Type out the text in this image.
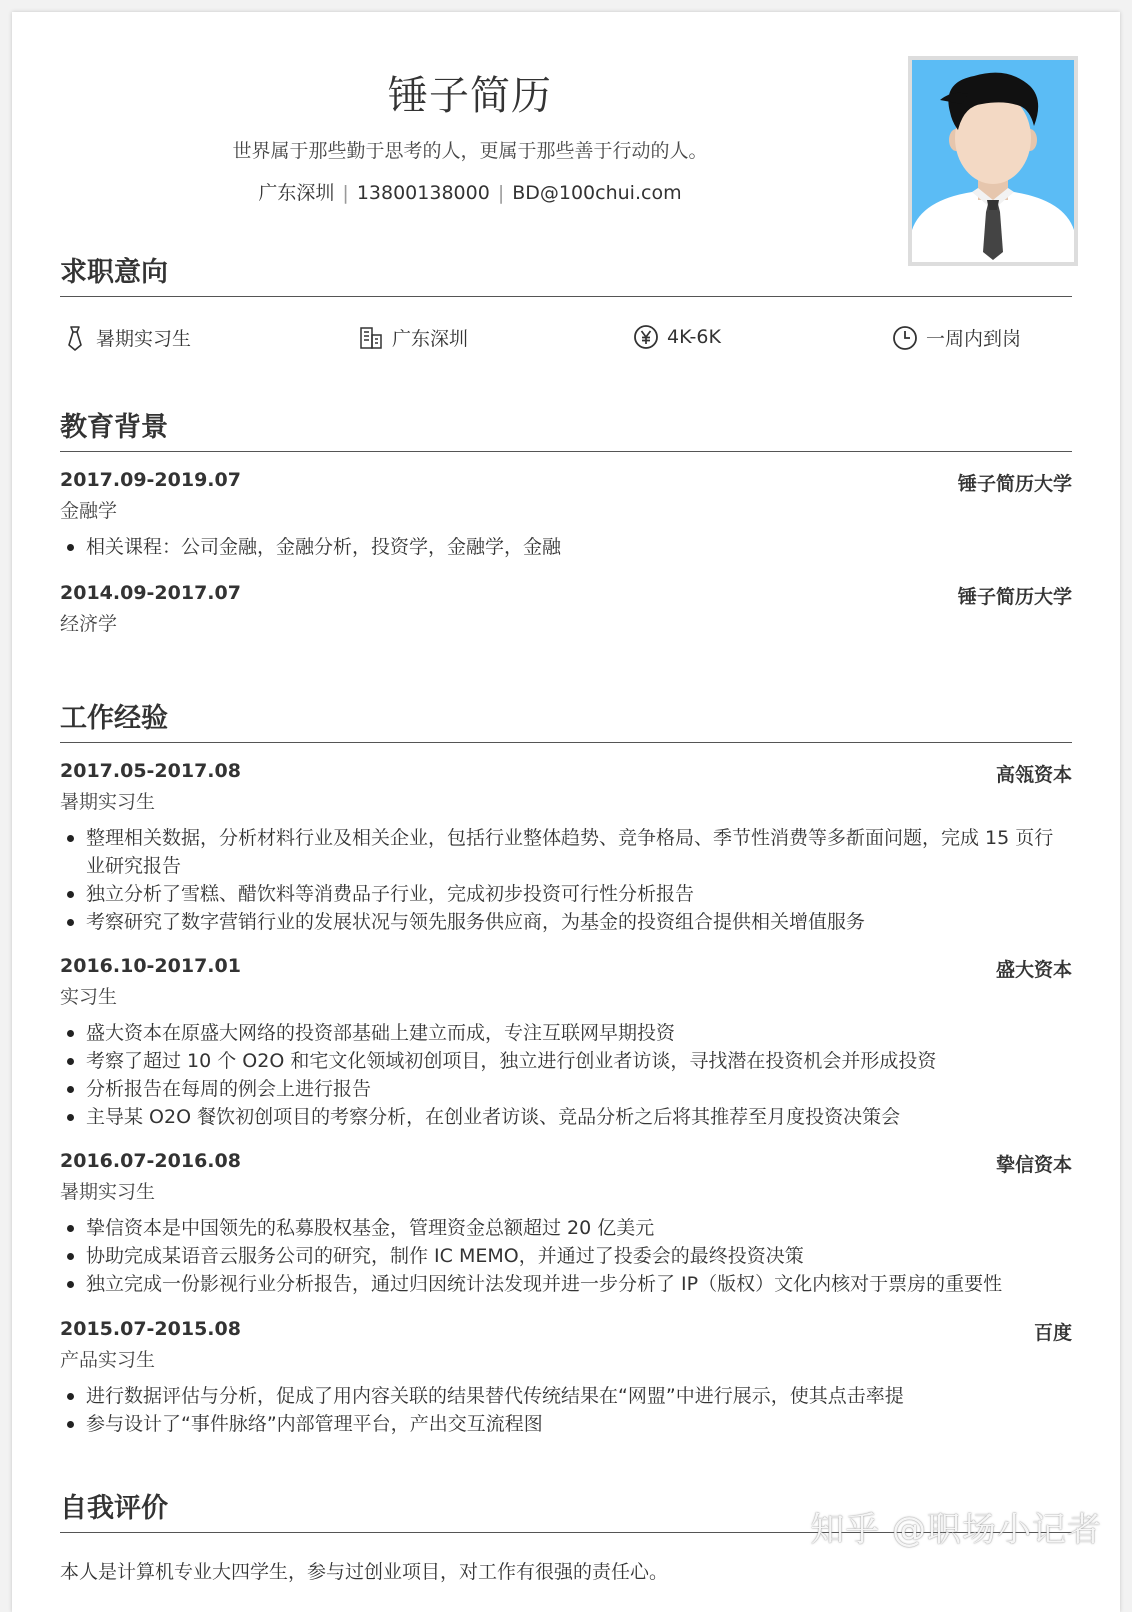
锤子简历
世界属于那些勤于思考的人，更属于那些善于行动的人。
广东深圳 | 13800138000 | BD@100chui.com
求职意向
暑期实习生	广东深圳	4K-6K	一周内到岗
教育背景
2017.09-2019.07	锤子简历大学
金融学
相关课程：公司金融，金融分析，投资学，金融学，金融
2014.09-2017.07	锤子简历大学
经济学
工作经验
2017.05-2017.08	高瓴资本
暑期实习生
整理相关数据，分析材料行业及相关企业，包括行业整体趋势、竞争格局、季节性消费等多斱面问题，完成 15 页行业研究报告
独立分析了雪糕、醋饮料等消费品子行业，完成初步投资可行性分析报告
考察研究了数字营销行业的发展状况与领先服务供应商，为基金的投资组合提供相关增值服务
2016.10-2017.01	盛大资本
实习生
盛大资本在原盛大网络的投资部基础上建立而成，专注互联网早期投资
考察了超过 10 个 O2O 和宅文化领域初创项目，独立进行创业者访谈，寻找潜在投资机会并形成投资
分析报告在每周的例会上进行报告
主导某 O2O 餐饮初创项目的考察分析，在创业者访谈、竞品分析之后将其推荐至月度投资决策会
2016.07-2016.08	挚信资本
暑期实习生
挚信资本是中国领先的私募股权基金，管理资金总额超过 20 亿美元
协助完成某语音云服务公司的研究，制作 IC MEMO，并通过了投委会的最终投资决策
独立完成一份影视行业分析报告，通过归因统计法发现并进一步分析了 IP（版权）文化内核对于票房的重要性
2015.07-2015.08	百度
产品实习生
进行数据评估与分析，促成了用内容关联的结果替代传统结果在“网盟”中进行展示，使其点击率提
参与设计了“事件脉络”内部管理平台，产出交互流程图
自我评价
本人是计算机专业大四学生，参与过创业项目，对工作有很强的责任心。
知乎 @职场小记者
